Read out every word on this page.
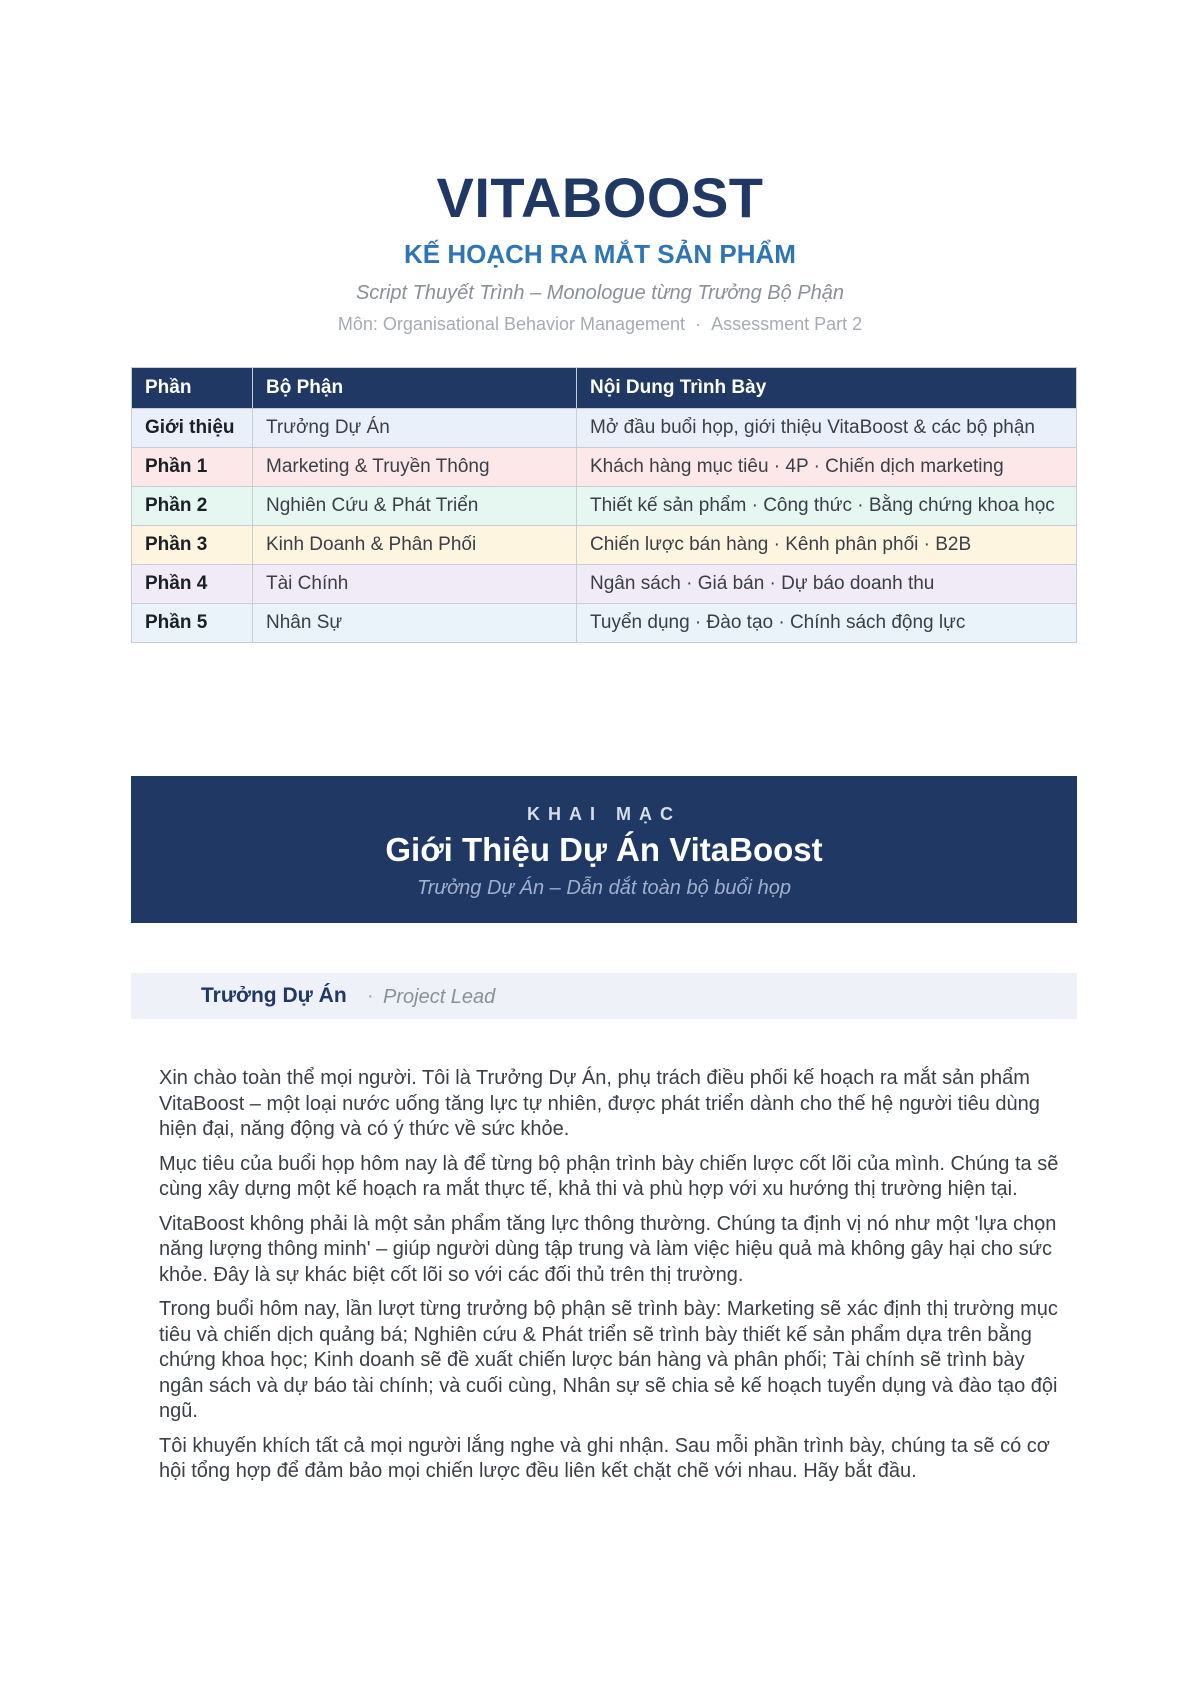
VITABOOST
KẾ HOẠCH RA MẮT SẢN PHẨM
Script Thuyết Trình – Monologue từng Trưởng Bộ Phận
Môn: Organisational Behavior Management · Assessment Part 2
Phần	Bộ Phận	Nội Dung Trình Bày
Giới thiệu	Trưởng Dự Án	Mở đầu buổi họp, giới thiệu VitaBoost & các bộ phận
Phần 1	Marketing & Truyền Thông	Khách hàng mục tiêu · 4P · Chiến dịch marketing
Phần 2	Nghiên Cứu & Phát Triển	Thiết kế sản phẩm · Công thức · Bằng chứng khoa học
Phần 3	Kinh Doanh & Phân Phối	Chiến lược bán hàng · Kênh phân phối · B2B
Phần 4	Tài Chính	Ngân sách · Giá bán · Dự báo doanh thu
Phần 5	Nhân Sự	Tuyển dụng · Đào tạo · Chính sách động lực
KHAI MẠC
Giới Thiệu Dự Án VitaBoost
Trưởng Dự Án – Dẫn dắt toàn bộ buổi họp
Trưởng Dự Án · Project Lead

Xin chào toàn thể mọi người. Tôi là Trưởng Dự Án, phụ trách điều phối kế hoạch ra mắt sản phẩm VitaBoost – một loại nước uống tăng lực tự nhiên, được phát triển dành cho thế hệ người tiêu dùng hiện đại, năng động và có ý thức về sức khỏe.

Mục tiêu của buổi họp hôm nay là để từng bộ phận trình bày chiến lược cốt lõi của mình. Chúng ta sẽ cùng xây dựng một kế hoạch ra mắt thực tế, khả thi và phù hợp với xu hướng thị trường hiện tại.

VitaBoost không phải là một sản phẩm tăng lực thông thường. Chúng ta định vị nó như một 'lựa chọn năng lượng thông minh' – giúp người dùng tập trung và làm việc hiệu quả mà không gây hại cho sức khỏe. Đây là sự khác biệt cốt lõi so với các đối thủ trên thị trường.

Trong buổi hôm nay, lần lượt từng trưởng bộ phận sẽ trình bày: Marketing sẽ xác định thị trường mục tiêu và chiến dịch quảng bá; Nghiên cứu & Phát triển sẽ trình bày thiết kế sản phẩm dựa trên bằng chứng khoa học; Kinh doanh sẽ đề xuất chiến lược bán hàng và phân phối; Tài chính sẽ trình bày ngân sách và dự báo tài chính; và cuối cùng, Nhân sự sẽ chia sẻ kế hoạch tuyển dụng và đào tạo đội ngũ.

Tôi khuyến khích tất cả mọi người lắng nghe và ghi nhận. Sau mỗi phần trình bày, chúng ta sẽ có cơ hội tổng hợp để đảm bảo mọi chiến lược đều liên kết chặt chẽ với nhau. Hãy bắt đầu.
